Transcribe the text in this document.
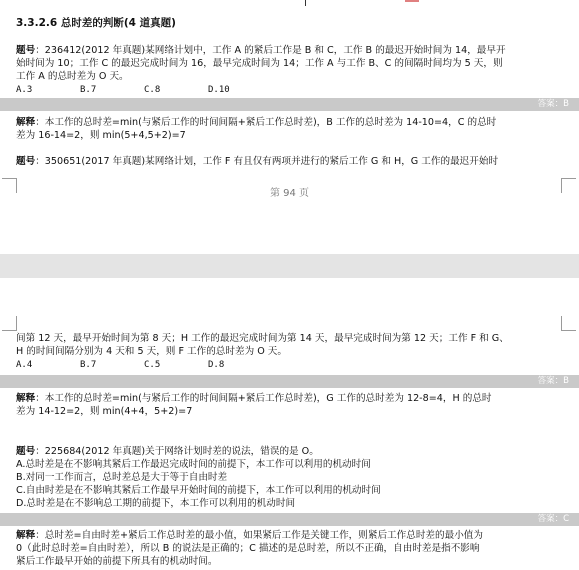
3.3.2.6 总时差的判断(4 道真题)
题号：236412(2012 年真题)某网络计划中，工作 A 的紧后工作是 B 和 C，工作 B 的最迟开始时间为 14，最早开
始时间为 10；工作 C 的最迟完成时间为 16，最早完成时间为 14；工作 A 与工作 B、C 的间隔时间均为 5 天，则
工作 A 的总时差为 O 天。
A.3	B.7	C.8	D.10
答案：B
解释：本工作的总时差=min(与紧后工作的时间间隔+紧后工作总时差)，B 工作的总时差为 14-10=4，C 的总时
差为 16-14=2，则 min(5+4,5+2)=7
题号：350651(2017 年真题)某网络计划，工作 F 有且仅有两项并进行的紧后工作 G 和 H，G 工作的最迟开始时
第 94 页
间第 12 天，最早开始时间为第 8 天；H 工作的最迟完成时间为第 14 天，最早完成时间为第 12 天；工作 F 和 G、
H 的时间间隔分别为 4 天和 5 天，则 F 工作的总时差为 O 天。
A.4	B.7	C.5	D.8
答案：B
解释：本工作的总时差=min(与紧后工作的时间间隔+紧后工作总时差)，G 工作的总时差为 12-8=4，H 的总时
差为 14-12=2，则 min(4+4，5+2)=7
题号：225684(2012 年真题)关于网络计划时差的说法，错误的是 O。
A.总时差是在不影响其紧后工作最迟完成时间的前提下，本工作可以利用的机动时间
B.对同一工作而言，总时差总是大于等于自由时差
C.自由时差是在不影响其紧后工作最早开始时间的前提下，本工作可以利用的机动时间
D.总时差是在不影响总工期的前提下，本工作可以利用的机动时间
答案：C
解释：总时差=自由时差+紧后工作总时差的最小值，如果紧后工作是关键工作，则紧后工作总时差的最小值为
0（此时总时差=自由时差），所以 B 的说法是正确的；C 描述的是总时差，所以不正确，自由时差是指不影响
紧后工作最早开始的前提下所具有的机动时间。
